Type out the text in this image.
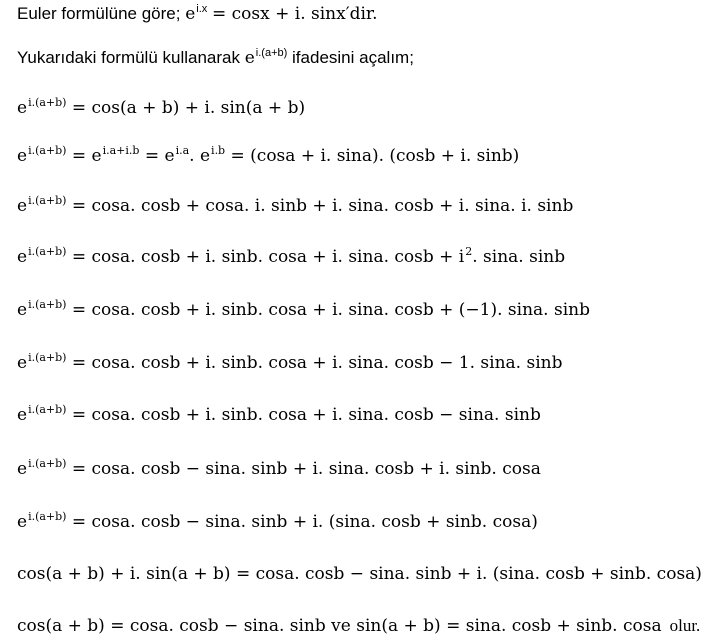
Euler formülüne göre; $e^{i.x} = \cos x + i$. sinx′dir.
Yukarıdaki formülü kullanarak $e^{i.(a+b)}$ ifadesini açalım;
$e^{i.(a+b)} = \cos(a + b) + i$. sin(a + b)
$e^{i.(a+b)} = e^{i.a+i.b} = e^{i.a}$. $e^{i.b} = (\cos a + i$. sina). (cosb + i. sinb)
$e^{i.(a+b)} = \cos a$. cosb + cosa. i. sinb + i. sina. cosb + i. sina. i. sinb
$e^{i.(a+b)} = \cos a$. cosb + i. sinb. cosa + i. sina. $\cos b + i^2$. sina. sinb
$e^{i.(a+b)} = \cos a$. cosb + i. sinb. cosa + i. sina. cosb + (−1). sina. sinb
$e^{i.(a+b)} = \cos a$. cosb + i. sinb. cosa + i. sina. cosb − 1. sina. sinb
$e^{i.(a+b)} = \cos a$. cosb + i. sinb. cosa + i. sina. cosb − sina. sinb
$e^{i.(a+b)} = \cos a$. cosb − sina. sinb + i. sina. cosb + i. sinb. cosa
$e^{i.(a+b)} = \cos a$. cosb − sina. sinb + i. (sina. cosb + sinb. cosa)
cos(a + b) + i. sin(a + b) = cosa. cosb − sina. sinb + i. (sina. cosb + sinb. cosa)
cos(a + b) = cosa. cosb − sina. sinb ve sin(a + b) = sina. cosb + sinb. cosa olur.
